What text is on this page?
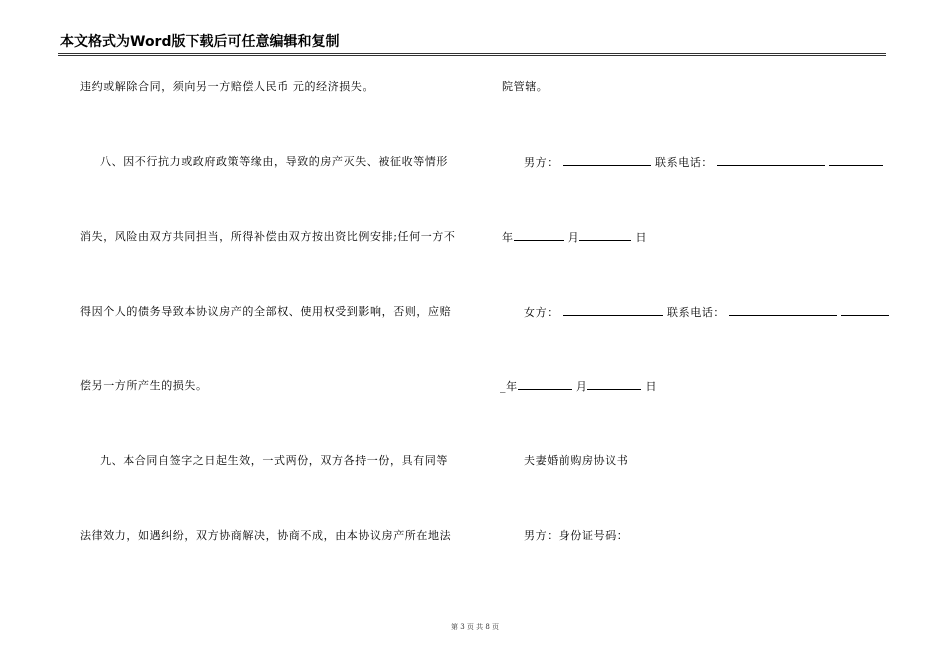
本文格式为Word版下载后可任意编辑和复制
违约或解除合同，须向另一方赔偿人民币 元的经济损失。
八、因不行抗力或政府政策等缘由，导致的房产灭失、被征收等情形
消失，风险由双方共同担当，所得补偿由双方按出资比例安排;任何一方不
得因个人的债务导致本协议房产的全部权、使用权受到影响，否则，应赔
偿另一方所产生的损失。
九、本合同自签字之日起生效，一式两份，双方各持一份，具有同等
法律效力，如遇纠纷，双方协商解决，协商不成，由本协议房产所在地法
院管辖。
男方：	联系电话：
年	月	日
女方：	联系电话：
_年	月	日
夫妻婚前购房协议书
男方：身份证号码：
第 3 页 共 8 页
